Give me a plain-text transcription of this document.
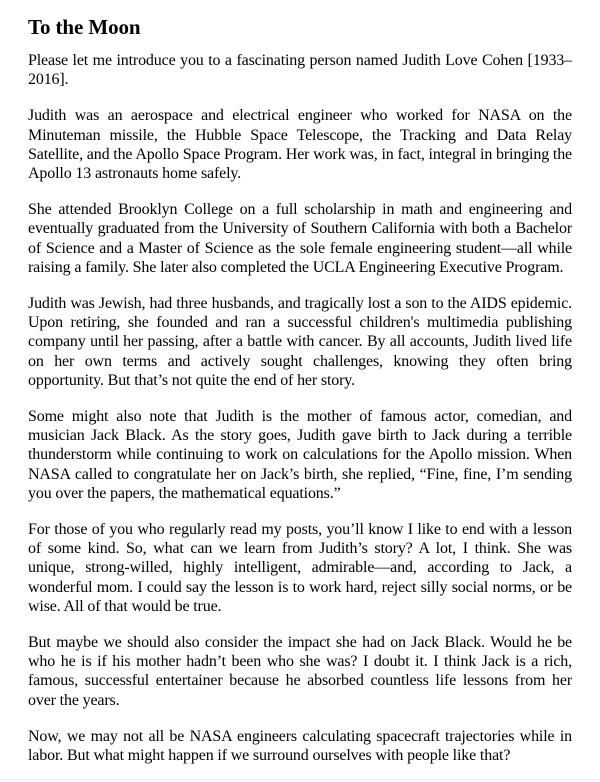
To the Moon

Please let me introduce you to a fascinating person named Judith Love Cohen [1933–2016].

Judith was an aerospace and electrical engineer who worked for NASA on the Minuteman missile, the Hubble Space Telescope, the Tracking and Data Relay Satellite, and the Apollo Space Program. Her work was, in fact, integral in bringing the Apollo 13 astronauts home safely.

She attended Brooklyn College on a full scholarship in math and engineering and eventually graduated from the University of Southern California with both a Bachelor of Science and a Master of Science as the sole female engineering student—all while raising a family. She later also completed the UCLA Engineering Executive Program.

Judith was Jewish, had three husbands, and tragically lost a son to the AIDS epidemic. Upon retiring, she founded and ran a successful children's multimedia publishing company until her passing, after a battle with cancer. By all accounts, Judith lived life on her own terms and actively sought challenges, knowing they often bring opportunity. But that’s not quite the end of her story.

Some might also note that Judith is the mother of famous actor, comedian, and musician Jack Black. As the story goes, Judith gave birth to Jack during a terrible thunderstorm while continuing to work on calculations for the Apollo mission. When NASA called to congratulate her on Jack’s birth, she replied, “Fine, fine, I’m sending you over the papers, the mathematical equations.”

For those of you who regularly read my posts, you’ll know I like to end with a lesson of some kind. So, what can we learn from Judith’s story? A lot, I think. She was unique, strong-willed, highly intelligent, admirable—and, according to Jack, a wonderful mom. I could say the lesson is to work hard, reject silly social norms, or be wise. All of that would be true.

But maybe we should also consider the impact she had on Jack Black. Would he be who he is if his mother hadn’t been who she was? I doubt it. I think Jack is a rich, famous, successful entertainer because he absorbed countless life lessons from her over the years.

Now, we may not all be NASA engineers calculating spacecraft trajectories while in labor. But what might happen if we surround ourselves with people like that?
